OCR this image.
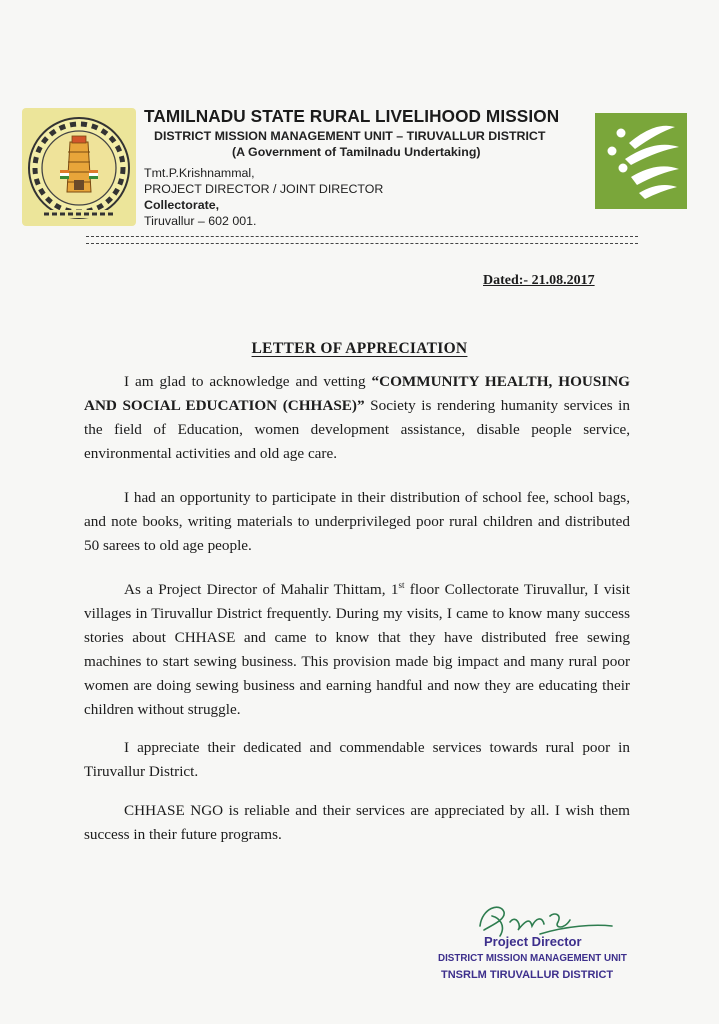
TAMILNADU STATE RURAL LIVELIHOOD MISSION
DISTRICT MISSION MANAGEMENT UNIT – TIRUVALLUR DISTRICT
(A Government of Tamilnadu Undertaking)
Tmt.P.Krishnammal,
PROJECT DIRECTOR / JOINT DIRECTOR
Collectorate,
Tiruvallur – 602 001.
Dated:- 21.08.2017
LETTER OF APPRECIATION

I am glad to acknowledge and vetting “COMMUNITY HEALTH, HOUSING AND SOCIAL EDUCATION (CHHASE)” Society is rendering humanity services in the field of Education, women development assistance, disable people service, environmental activities and old age care.

I had an opportunity to participate in their distribution of school fee, school bags, and note books, writing materials to underprivileged poor rural children and distributed 50 sarees to old age people.

As a Project Director of Mahalir Thittam, 1st floor Collectorate Tiruvallur, I visit villages in Tiruvallur District frequently. During my visits, I came to know many success stories about CHHASE and came to know that they have distributed free sewing machines to start sewing business. This provision made big impact and many rural poor women are doing sewing business and earning handful and now they are educating their children without struggle.

I appreciate their dedicated and commendable services towards rural poor in Tiruvallur District.

CHHASE NGO is reliable and their services are appreciated by all. I wish them success in their future programs.

Project Director
DISTRICT MISSION MANAGEMENT UNIT
TNSRLM TIRUVALLUR DISTRICT
